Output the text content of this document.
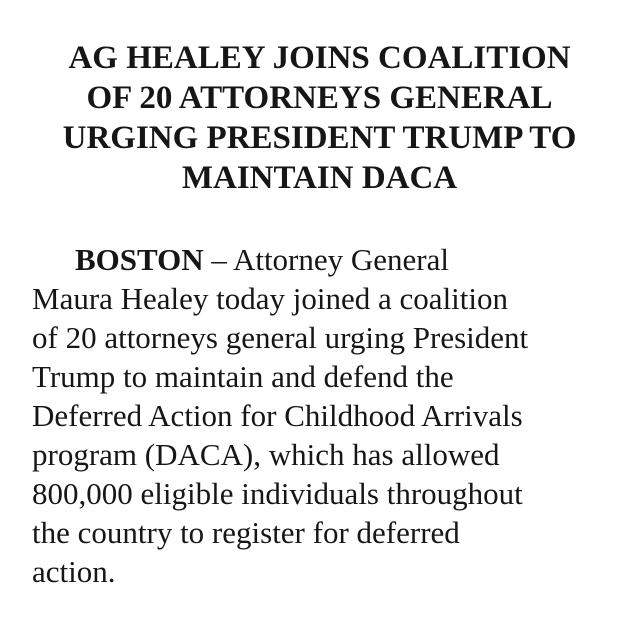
AG HEALEY JOINS COALITION
OF 20 ATTORNEYS GENERAL
URGING PRESIDENT TRUMP TO
MAINTAIN DACA

BOSTON – Attorney General
Maura Healey today joined a coalition
of 20 attorneys general urging President
Trump to maintain and defend the
Deferred Action for Childhood Arrivals
program (DACA), which has allowed
800,000 eligible individuals throughout
the country to register for deferred
action.
